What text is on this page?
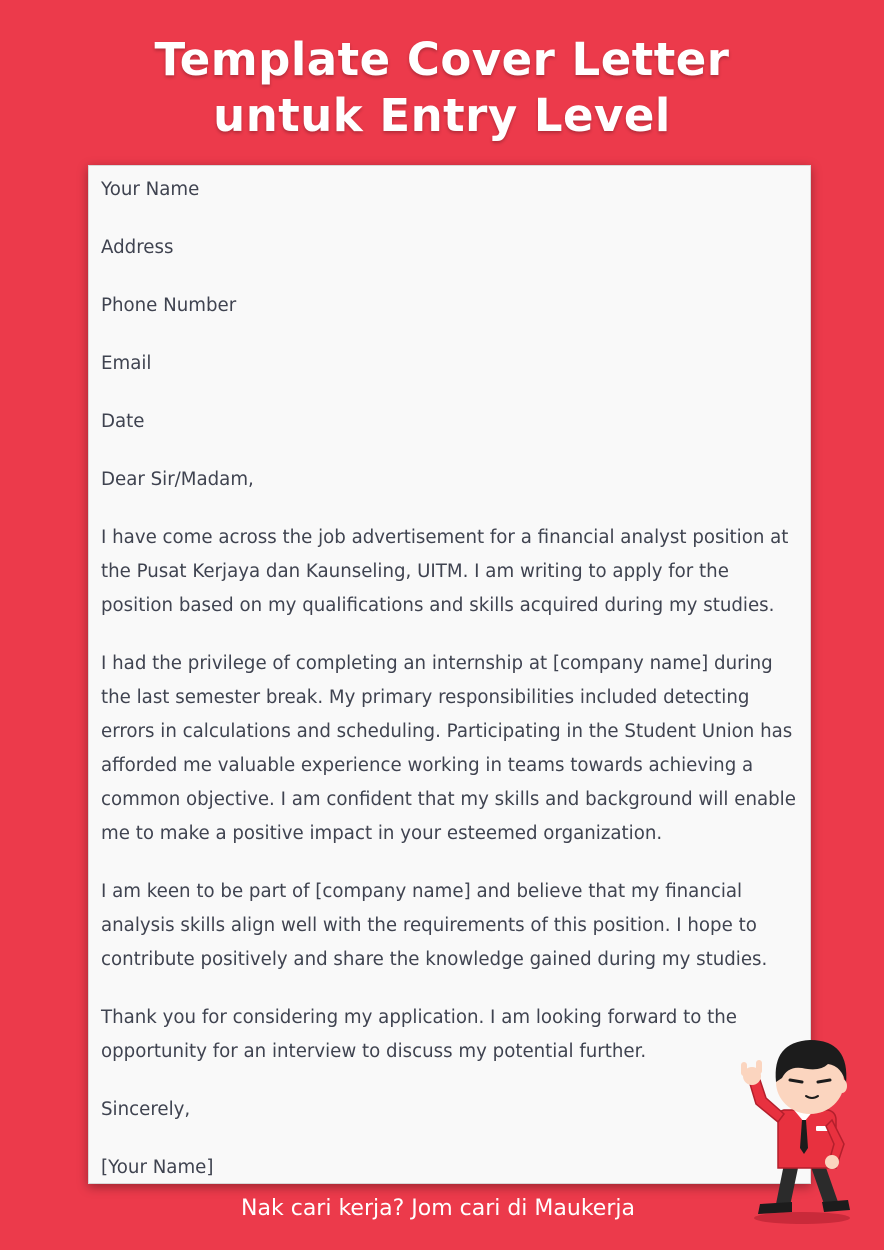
Template Cover Letter
untuk Entry Level

Your Name

Address

Phone Number

Email

Date

Dear Sir/Madam,

I have come across the job advertisement for a financial analyst position at the Pusat Kerjaya dan Kaunseling, UITM. I am writing to apply for the position based on my qualifications and skills acquired during my studies.

I had the privilege of completing an internship at [company name] during the last semester break. My primary responsibilities included detecting errors in calculations and scheduling. Participating in the Student Union has afforded me valuable experience working in teams towards achieving a common objective. I am confident that my skills and background will enable me to make a positive impact in your esteemed organization.

I am keen to be part of [company name] and believe that my financial analysis skills align well with the requirements of this position. I hope to contribute positively and share the knowledge gained during my studies.

Thank you for considering my application. I am looking forward to the opportunity for an interview to discuss my potential further.

Sincerely,

[Your Name]

Nak cari kerja? Jom cari di Maukerja
